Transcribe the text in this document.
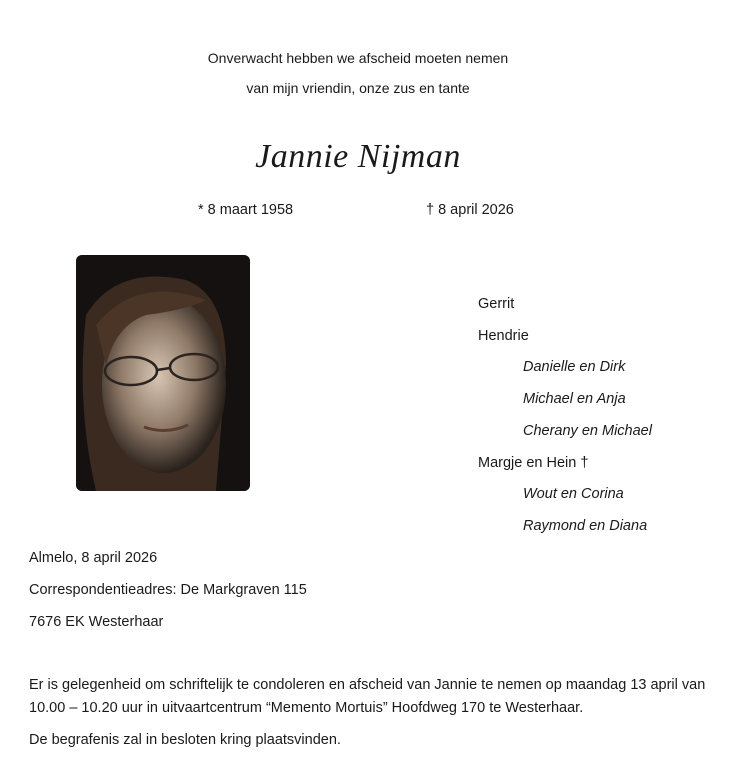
Onverwacht hebben we afscheid moeten nemen
van mijn vriendin, onze zus en tante
Jannie Nijman
* 8 maart 1958	† 8 april 2026
Gerrit
Hendrie
Danielle en Dirk
Michael en Anja
Cherany en Michael
Margje en Hein †
Wout en Corina
Raymond en Diana
Almelo, 8 april 2026
Correspondentieadres: De Markgraven 115
7676 EK Westerhaar
Er is gelegenheid om schriftelijk te condoleren en afscheid van Jannie te nemen op maandag 13 april van
10.00 – 10.20 uur in uitvaartcentrum “Memento Mortuis” Hoofdweg 170 te Westerhaar.
De begrafenis zal in besloten kring plaatsvinden.
